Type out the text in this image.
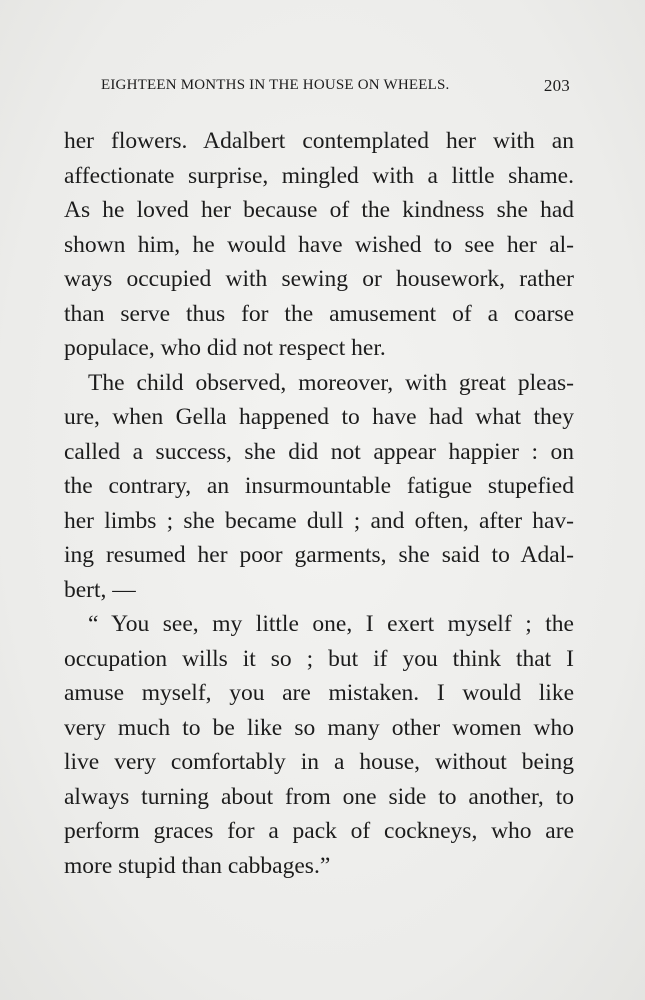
EIGHTEEN MONTHS IN THE HOUSE ON WHEELS.	203
her flowers. Adalbert contemplated her with an
affectionate surprise, mingled with a little shame.
As he loved her because of the kindness she had
shown him, he would have wished to see her al-
ways occupied with sewing or housework, rather
than serve thus for the amusement of a coarse
populace, who did not respect her.
The child observed, moreover, with great pleas-
ure, when Gella happened to have had what they
called a success, she did not appear happier : on
the contrary, an insurmountable fatigue stupefied
her limbs ; she became dull ; and often, after hav-
ing resumed her poor garments, she said to Adal-
bert, —
“ You see, my little one, I exert myself ; the
occupation wills it so ; but if you think that I
amuse myself, you are mistaken. I would like
very much to be like so many other women who
live very comfortably in a house, without being
always turning about from one side to another, to
perform graces for a pack of cockneys, who are
more stupid than cabbages.”
